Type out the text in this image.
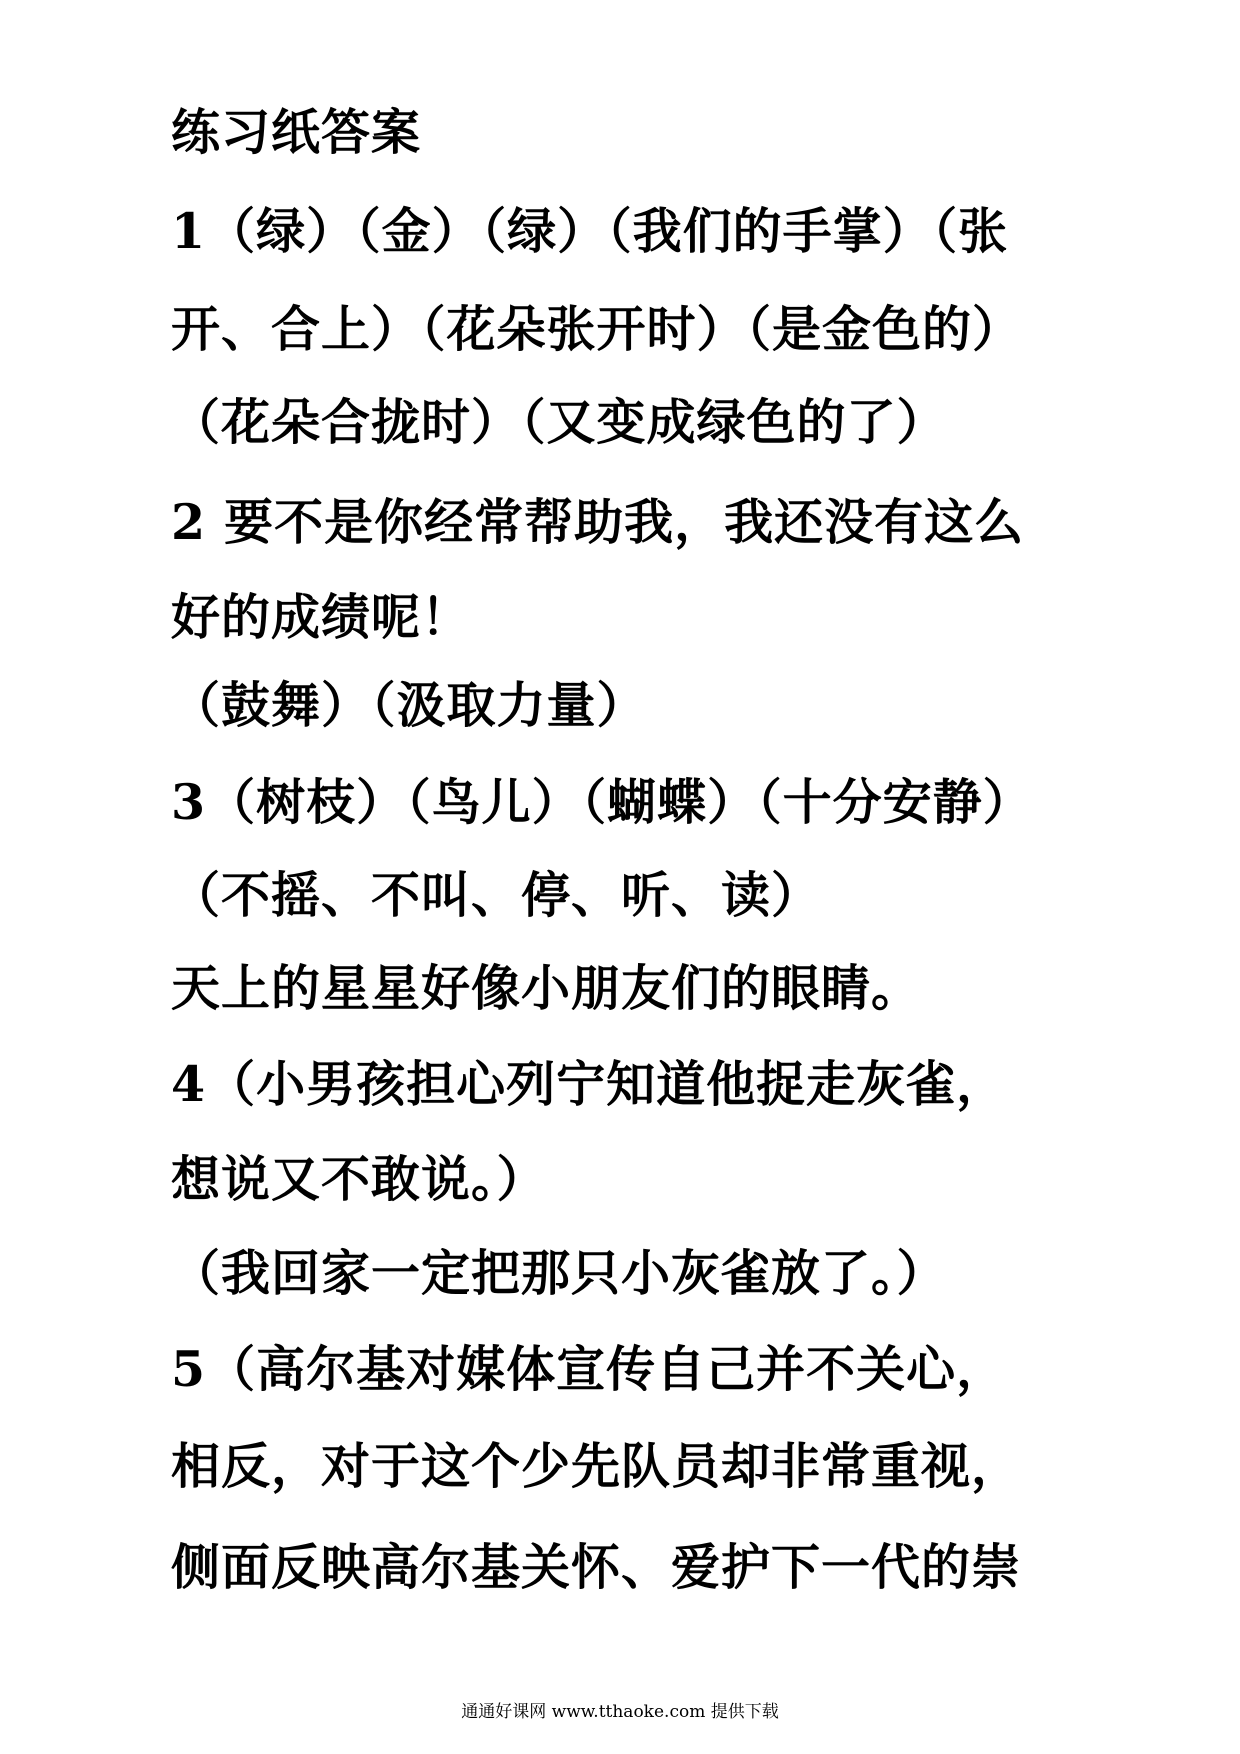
练习纸答案
1（绿）（金）（绿）（我们的手掌）（张
开、合上）（花朵张开时）（是金色的）
（花朵合拢时）（又变成绿色的了）
2 要不是你经常帮助我，我还没有这么
好的成绩呢！
（鼓舞）（汲取力量）
3（树枝）（鸟儿）（蝴蝶）（十分安静）
（不摇、不叫、停、听、读）
天上的星星好像小朋友们的眼睛。
4（小男孩担心列宁知道他捉走灰雀，
想说又不敢说。）
（我回家一定把那只小灰雀放了。）
5（高尔基对媒体宣传自己并不关心，
相反，对于这个少先队员却非常重视，
侧面反映高尔基关怀、爱护下一代的崇
通通好课网 www.tthaoke.com 提供下载
